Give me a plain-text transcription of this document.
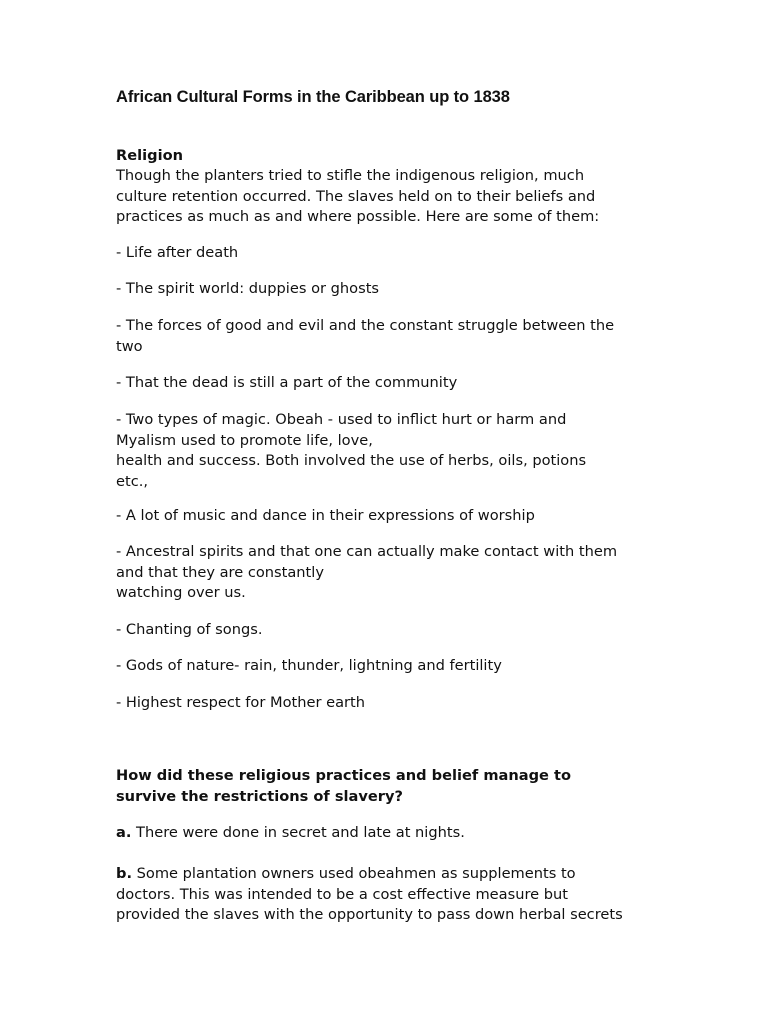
African Cultural Forms in the Caribbean up to 1838
Religion
Though the planters tried to stifle the indigenous religion, much
culture retention occurred. The slaves held on to their beliefs and
practices as much as and where possible. Here are some of them:
- Life after death
- The spirit world: duppies or ghosts
- The forces of good and evil and the constant struggle between the
two
- That the dead is still a part of the community
- Two types of magic. Obeah - used to inflict hurt or harm and
Myalism used to promote life, love,
health and success. Both involved the use of herbs, oils, potions
etc.,
- A lot of music and dance in their expressions of worship
- Ancestral spirits and that one can actually make contact with them
and that they are constantly
watching over us.
- Chanting of songs.
- Gods of nature- rain, thunder, lightning and fertility
- Highest respect for Mother earth
How did these religious practices and belief manage to
survive the restrictions of slavery?
a. There were done in secret and late at nights.
b. Some plantation owners used obeahmen as supplements to
doctors. This was intended to be a cost effective measure but
provided the slaves with the opportunity to pass down herbal secrets
